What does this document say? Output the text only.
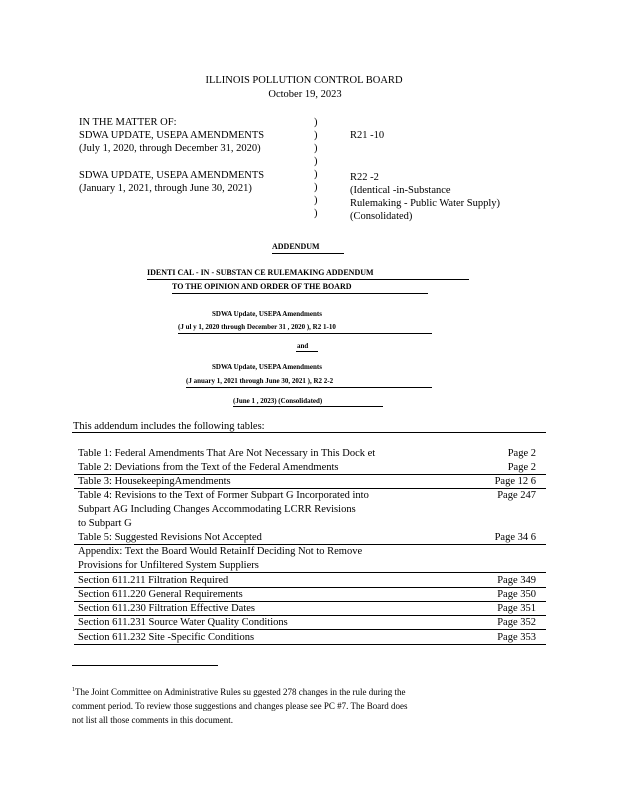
ILLINOIS POLLUTION CONTROL BOARD
October 19, 2023
IN THE MATTER OF:
SDWA UPDATE, USEPA AMENDMENTS
(July 1, 2020, through December 31, 2020)
SDWA UPDATE, USEPA AMENDMENTS
(January 1, 2021, through June 30, 2021)
)
)
)
)
)
)
)
)
R21 -10
R22 -2
(Identical -in-Substance
Rulemaking - Public Water Supply)
(Consolidated)
ADDENDUM
IDENTI CAL - IN - SUBSTAN CE RULEMAKING ADDENDUM
TO THE OPINION AND ORDER OF THE BOARD
SDWA Update, USEPA Amendments
(J ul y 1, 2020 through December 31 , 2020 ), R2 1-10
and
SDWA Update, USEPA Amendments
(J anuary 1, 2021 through June 30, 2021 ), R2 2-2
(June 1 , 2023) (Consolidated)
This addendum includes the following tables:
Table 1: Federal Amendments That Are Not Necessary in This Dock et	Page 2
Table 2: Deviations from the Text of the Federal Amendments	Page 2
Table 3: HousekeepingAmendments	Page 12 6
Table 4: Revisions to the Text of Former Subpart G Incorporated into	Page 247
Subpart AG Including Changes Accommodating LCRR Revisions
to Subpart G
Table 5: Suggested Revisions Not Accepted	Page 34 6
Appendix: Text the Board Would RetainIf Deciding Not to Remove
Provisions for Unfiltered System Suppliers
Section 611.211 Filtration Required	Page 349
Section 611.220 General Requirements	Page 350
Section 611.230 Filtration Effective Dates	Page 351
Section 611.231 Source Water Quality Conditions	Page 352
Section 611.232 Site -Specific Conditions	Page 353
$^1$The Joint Committee on Administrative Rules su ggested 278 changes in the rule during the
comment period. To review those suggestions and changes please see PC #7. The Board does
not list all those comments in this document.
